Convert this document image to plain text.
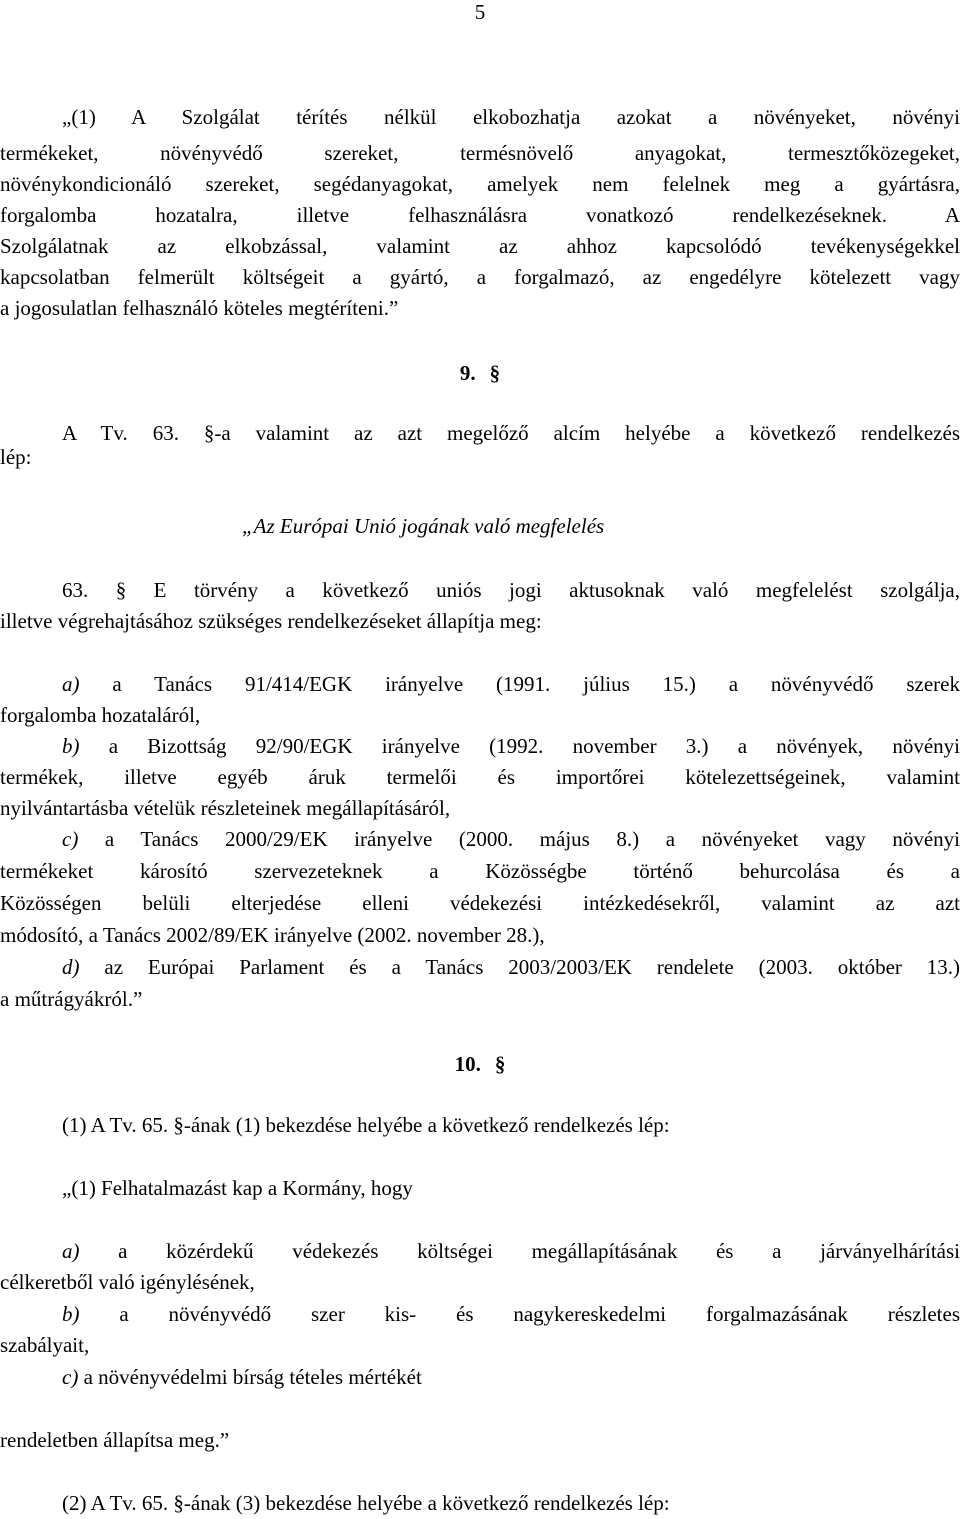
5
„(1) A Szolgálat térítés nélkül elkobozhatja azokat a növényeket, növényi
termékeket, növényvédő szereket, termésnövelő anyagokat, termesztőközegeket,
növénykondicionáló szereket, segédanyagokat, amelyek nem felelnek meg a gyártásra,
forgalomba hozatalra, illetve felhasználásra vonatkozó rendelkezéseknek. A
Szolgálatnak az elkobzással, valamint az ahhoz kapcsolódó tevékenységekkel
kapcsolatban felmerült költségeit a gyártó, a forgalmazó, az engedélyre kötelezett vagy
a jogosulatlan felhasználó köteles megtéríteni.”
9. §
A Tv. 63. §-a valamint az azt megelőző alcím helyébe a következő rendelkezés
lép:
„Az Európai Unió jogának való megfelelés
63. § E törvény a következő uniós jogi aktusoknak való megfelelést szolgálja,
illetve végrehajtásához szükséges rendelkezéseket állapítja meg:
a) a Tanács 91/414/EGK irányelve (1991. július 15.) a növényvédő szerek
forgalomba hozataláról,
b) a Bizottság 92/90/EGK irányelve (1992. november 3.) a növények, növényi
termékek, illetve egyéb áruk termelői és importőrei kötelezettségeinek, valamint
nyilvántartásba vételük részleteinek megállapításáról,
c) a Tanács 2000/29/EK irányelve (2000. május 8.) a növényeket vagy növényi
termékeket károsító szervezeteknek a Közösségbe történő behurcolása és a
Közösségen belüli elterjedése elleni védekezési intézkedésekről, valamint az azt
módosító, a Tanács 2002/89/EK irányelve (2002. november 28.),
d) az Európai Parlament és a Tanács 2003/2003/EK rendelete (2003. október 13.)
a műtrágyákról.”
10. §
(1) A Tv. 65. §-ának (1) bekezdése helyébe a következő rendelkezés lép:
„(1) Felhatalmazást kap a Kormány, hogy
a) a közérdekű védekezés költségei megállapításának és a járványelhárítási
célkeretből való igénylésének,
b) a növényvédő szer kis- és nagykereskedelmi forgalmazásának részletes
szabályait,
c) a növényvédelmi bírság tételes mértékét
rendeletben állapítsa meg.”
(2) A Tv. 65. §-ának (3) bekezdése helyébe a következő rendelkezés lép:
